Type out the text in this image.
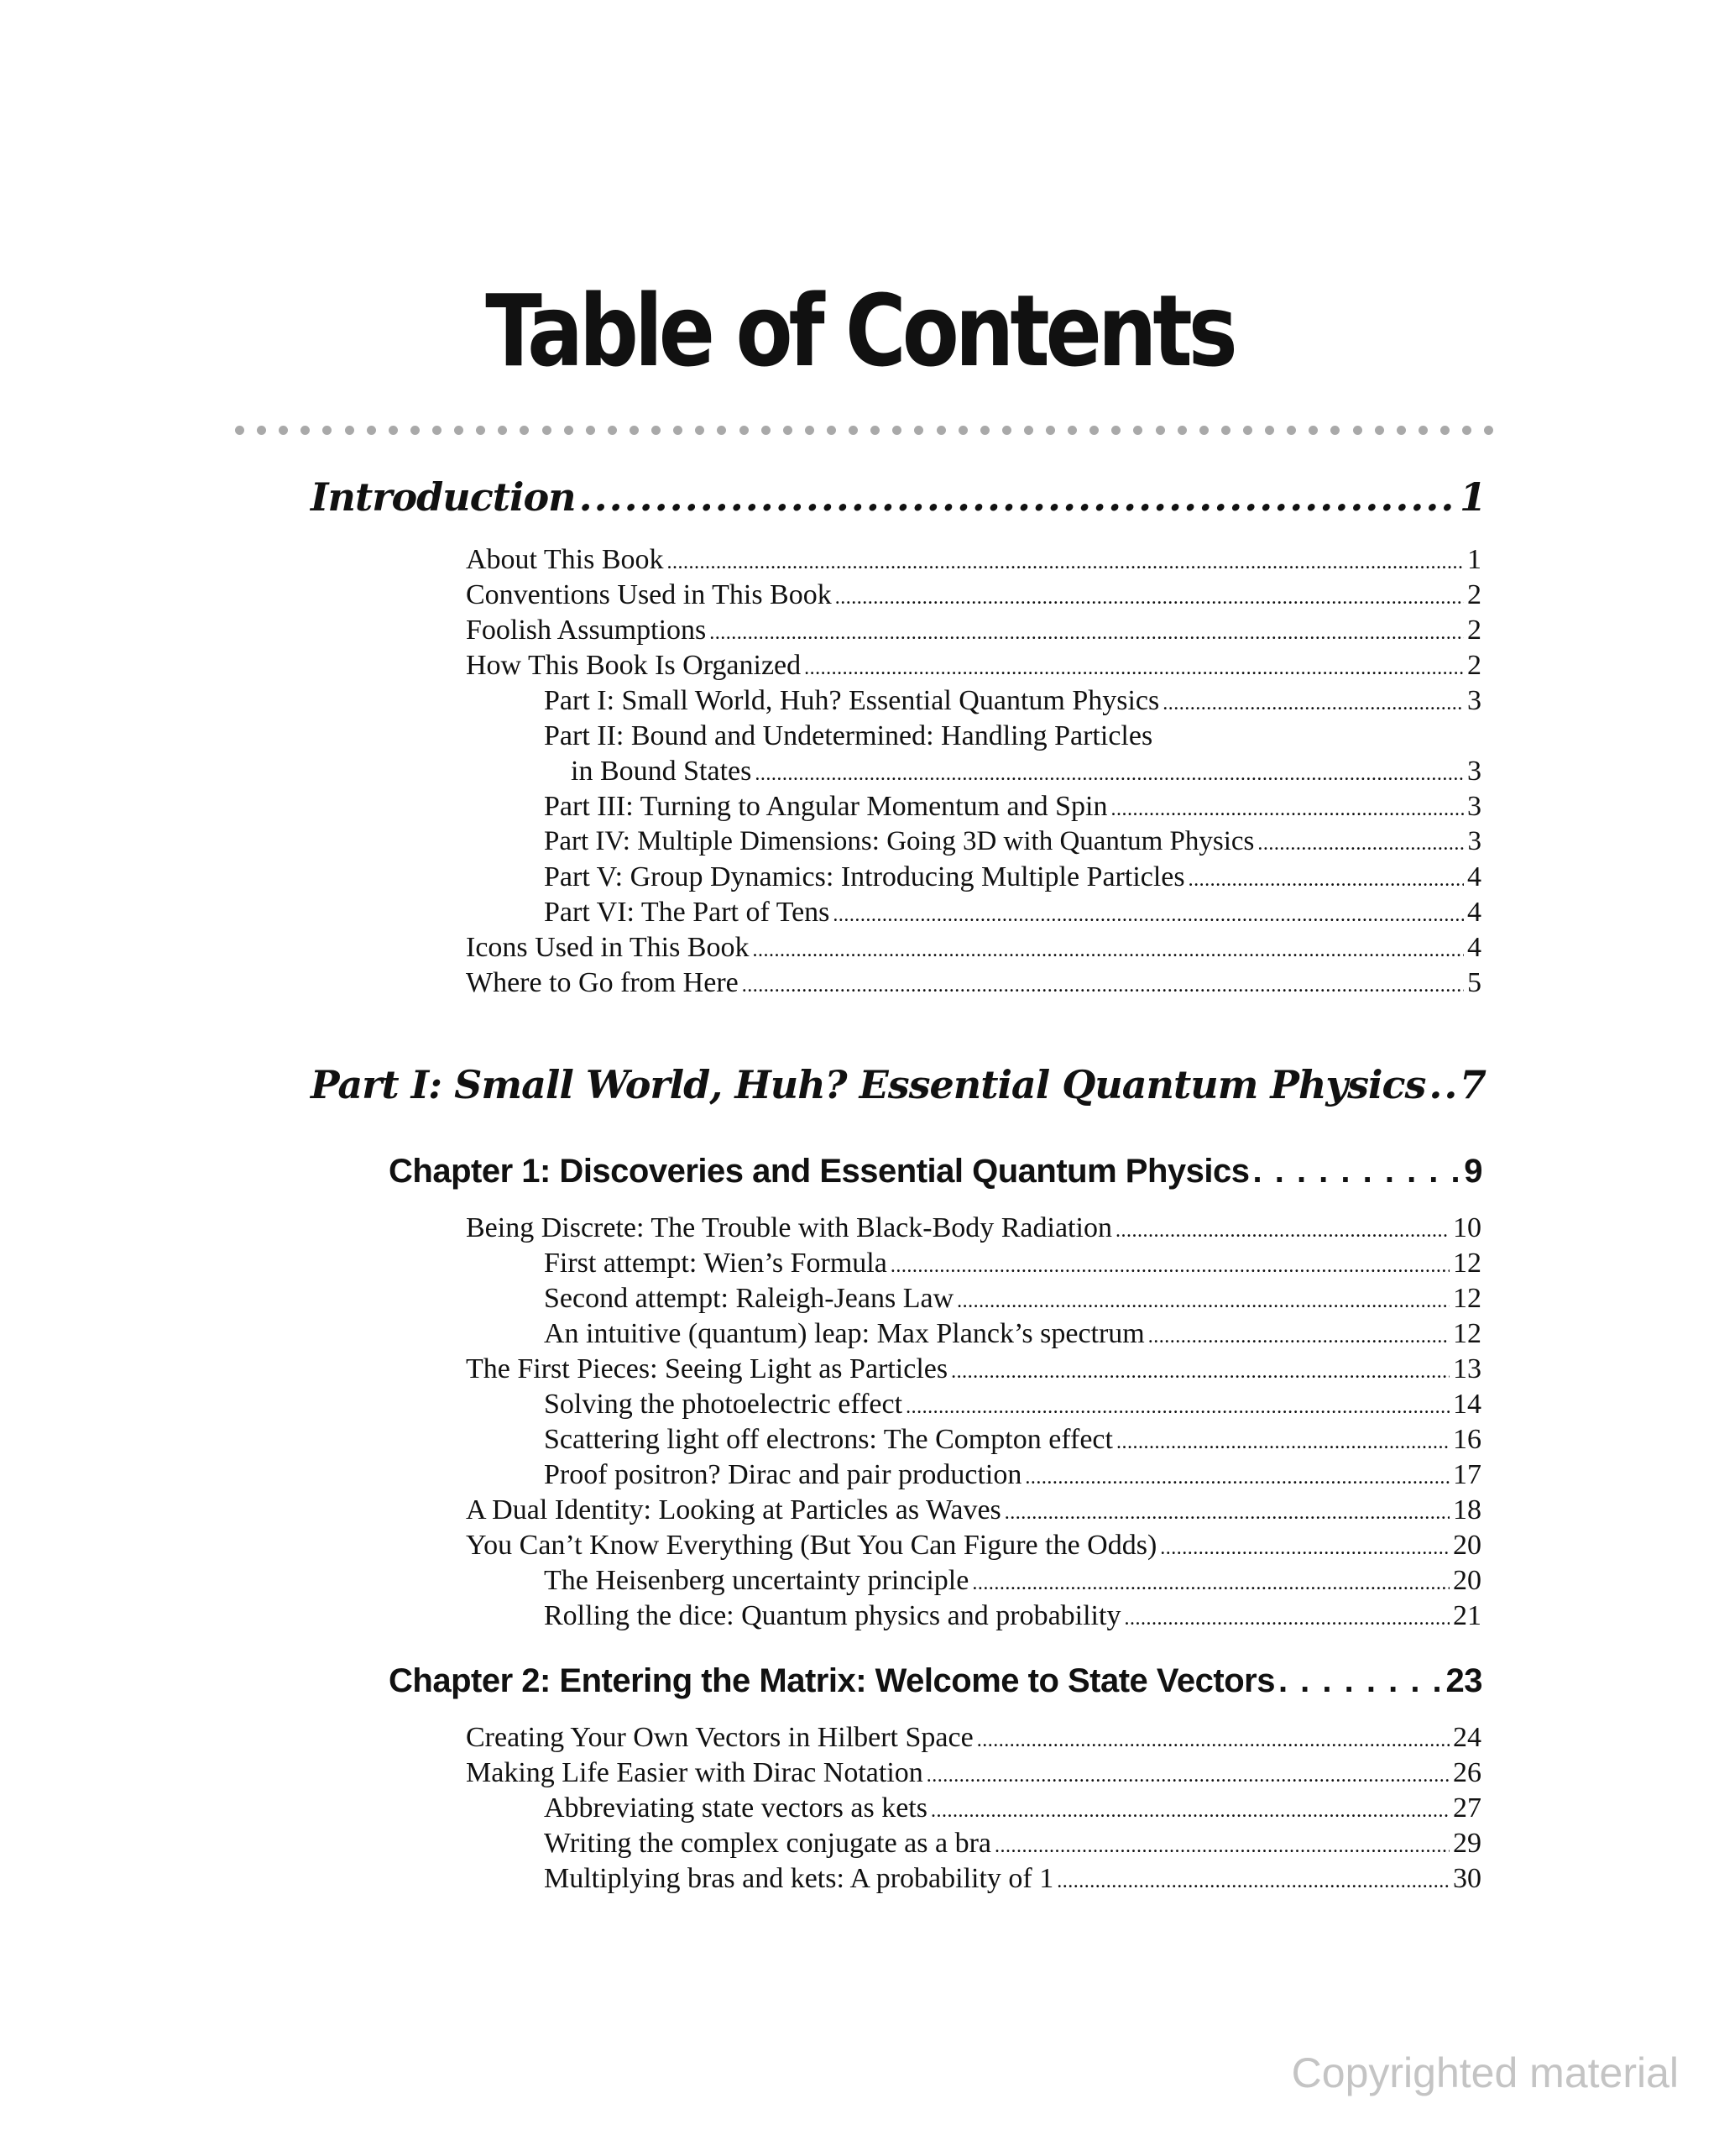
Table of Contents
Introduction .....	1
About This Book .....	1
Conventions Used in This Book .....	2
Foolish Assumptions .....	2
How This Book Is Organized .....	2
Part I: Small World, Huh? Essential Quantum Physics .....	3
Part II: Bound and Undetermined: Handling Particles
in Bound States .....	3
Part III: Turning to Angular Momentum and Spin .....	3
Part IV: Multiple Dimensions: Going 3D with Quantum Physics .....	3
Part V: Group Dynamics: Introducing Multiple Particles .....	4
Part VI: The Part of Tens .....	4
Icons Used in This Book .....	4
Where to Go from Here .....	5
Part I: Small World, Huh? Essential Quantum Physics ..... 7
Chapter 1: Discoveries and Essential Quantum Physics . . .	9
Being Discrete: The Trouble with Black-Body Radiation .....	10
First attempt: Wien’s Formula .....	12
Second attempt: Raleigh-Jeans Law .....	12
An intuitive (quantum) leap: Max Planck’s spectrum .....	12
The First Pieces: Seeing Light as Particles .....	13
Solving the photoelectric effect .....	14
Scattering light off electrons: The Compton effect .....	16
Proof positron? Dirac and pair production .....	17
A Dual Identity: Looking at Particles as Waves .....	18
You Can’t Know Everything (But You Can Figure the Odds) .....	20
The Heisenberg uncertainty principle .....	20
Rolling the dice: Quantum physics and probability .....	21
Chapter 2: Entering the Matrix: Welcome to State Vectors . . .	23
Creating Your Own Vectors in Hilbert Space .....	24
Making Life Easier with Dirac Notation .....	26
Abbreviating state vectors as kets .....	27
Writing the complex conjugate as a bra .....	29
Multiplying bras and kets: A probability of 1 .....	30
Copyrighted material
